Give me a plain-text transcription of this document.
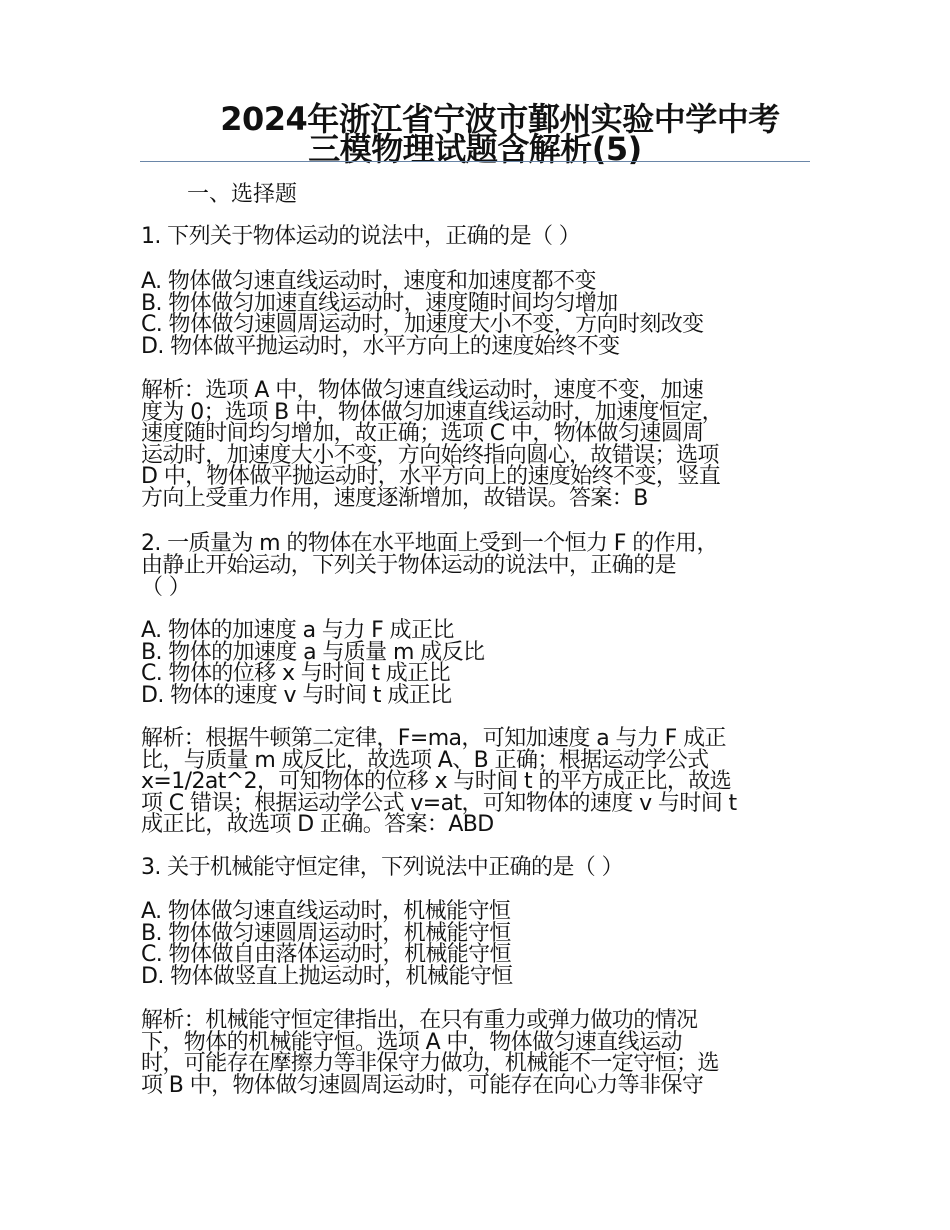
2024年浙江省宁波市鄞州实验中学中考
三模物理试题含解析(5)
一、选择题
1. 下列关于物体运动的说法中，正确的是（ ）
A. 物体做匀速直线运动时，速度和加速度都不变
B. 物体做匀加速直线运动时，速度随时间均匀增加
C. 物体做匀速圆周运动时，加速度大小不变，方向时刻改变
D. 物体做平抛运动时，水平方向上的速度始终不变
解析：选项 A 中，物体做匀速直线运动时，速度不变，加速
度为 0；选项 B 中，物体做匀加速直线运动时，加速度恒定，
速度随时间均匀增加，故正确；选项 C 中，物体做匀速圆周
运动时，加速度大小不变，方向始终指向圆心，故错误；选项
D 中，物体做平抛运动时，水平方向上的速度始终不变，竖直
方向上受重力作用，速度逐渐增加，故错误。答案：B
2. 一质量为 m 的物体在水平地面上受到一个恒力 F 的作用，
由静止开始运动，下列关于物体运动的说法中，正确的是
（ ）
A. 物体的加速度 a 与力 F 成正比
B. 物体的加速度 a 与质量 m 成反比
C. 物体的位移 x 与时间 t 成正比
D. 物体的速度 v 与时间 t 成正比
解析：根据牛顿第二定律，F=ma，可知加速度 a 与力 F 成正
比，与质量 m 成反比，故选项 A、B 正确；根据运动学公式
x=1/2at^2，可知物体的位移 x 与时间 t 的平方成正比，故选
项 C 错误；根据运动学公式 v=at，可知物体的速度 v 与时间 t
成正比，故选项 D 正确。答案：ABD
3. 关于机械能守恒定律，下列说法中正确的是（ ）
A. 物体做匀速直线运动时，机械能守恒
B. 物体做匀速圆周运动时，机械能守恒
C. 物体做自由落体运动时，机械能守恒
D. 物体做竖直上抛运动时，机械能守恒
解析：机械能守恒定律指出，在只有重力或弹力做功的情况
下，物体的机械能守恒。选项 A 中，物体做匀速直线运动
时，可能存在摩擦力等非保守力做功，机械能不一定守恒；选
项 B 中，物体做匀速圆周运动时，可能存在向心力等非保守
